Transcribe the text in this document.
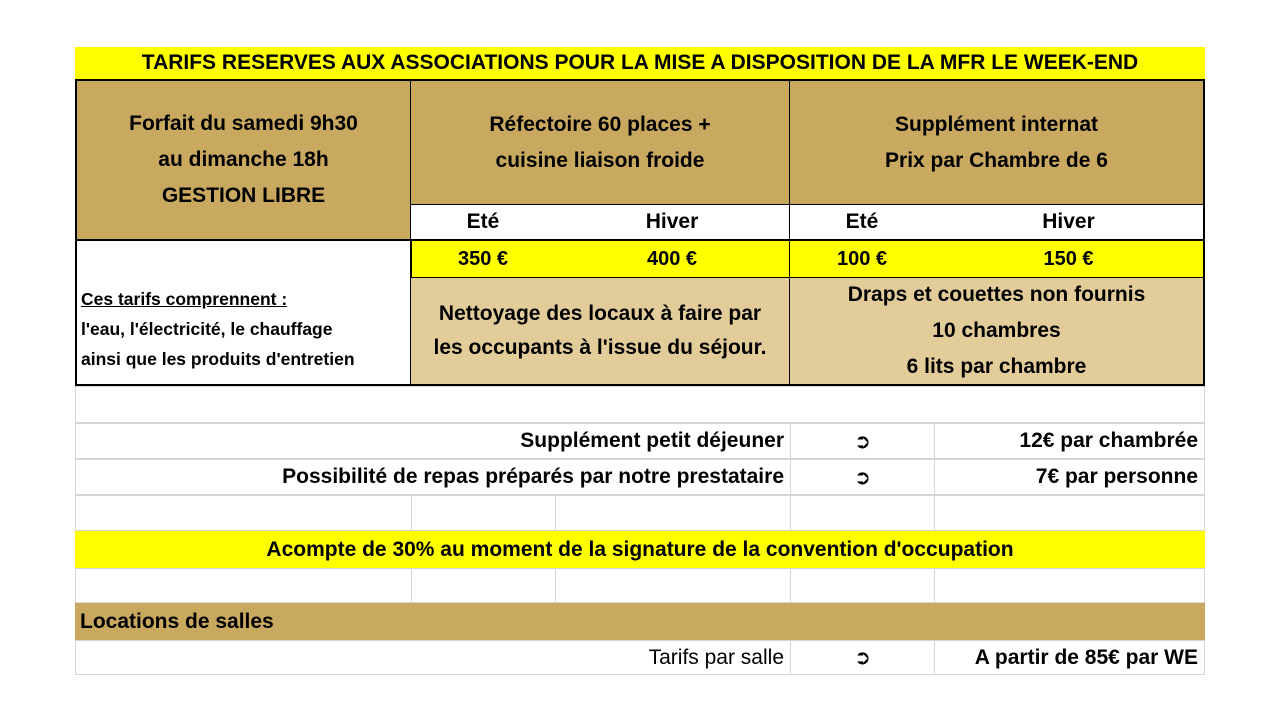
TARIFS RESERVES AUX ASSOCIATIONS POUR LA MISE A DISPOSITION DE LA MFR LE WEEK-END
Forfait du samedi 9h30
au dimanche 18h
GESTION LIBRE
Réfectoire 60 places +
cuisine liaison froide
Supplément internat
Prix par Chambre de 6
Eté	Hiver	Eté	Hiver
350 €	400 €	100 €	150 €
Ces tarifs comprennent :
l'eau, l'électricité, le chauffage
ainsi que les produits d'entretien
Nettoyage des locaux à faire par
les occupants à l'issue du séjour.
Draps et couettes non fournis
10 chambres
6 lits par chambre
Supplément petit déjeuner	➲	12€ par chambrée
Possibilité de repas préparés par notre prestataire	➲	7€ par personne
Acompte de 30% au moment de la signature de la convention d'occupation
Locations de salles
Tarifs par salle	➲	A partir de 85€ par WE
